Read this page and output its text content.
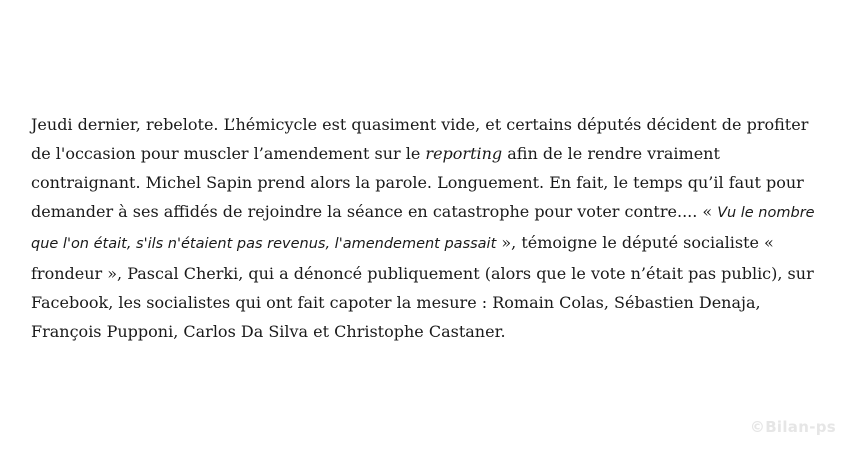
Jeudi dernier, rebelote. L’hémicycle est quasiment vide, et certains députés décident de profiter de l'occasion pour muscler l’amendement sur le reporting afin de le rendre vraiment contraignant. Michel Sapin prend alors la parole. Longuement. En fait, le temps qu’il faut pour demander à ses affidés de rejoindre la séance en catastrophe pour voter contre.... « Vu le nombre que l'on était, s'ils n'étaient pas revenus, l'amendement passait », témoigne le député socialiste « frondeur », Pascal Cherki, qui a dénoncé publiquement (alors que le vote n’était pas public), sur Facebook, les socialistes qui ont fait capoter la mesure : Romain Colas, Sébastien Denaja, François Pupponi, Carlos Da Silva et Christophe Castaner.

©Bilan-ps
